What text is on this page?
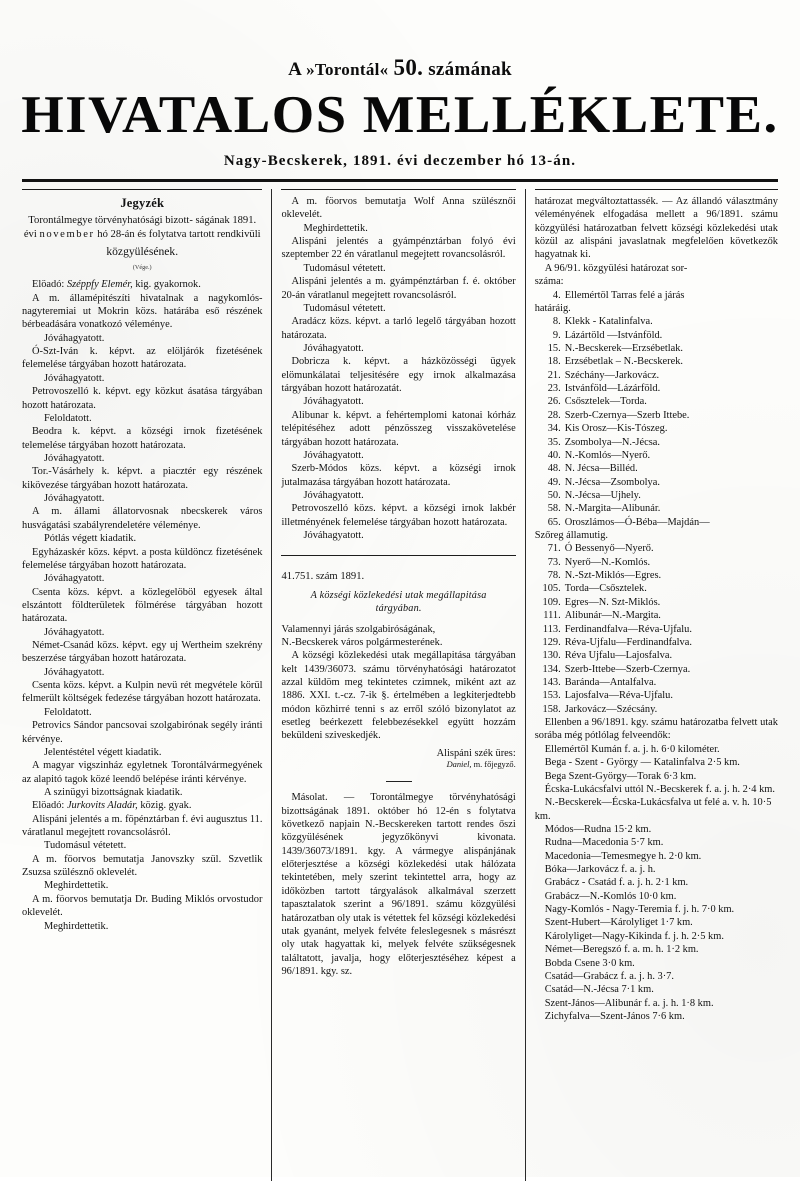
A »Torontál« 50. számának
HIVATALOS MELLÉKLETE.
Nagy-Becskerek, 1891. évi deczember hó 13-án.
Jegyzék
Torontálmegye törvényhatósági bizott- ságának 1891. évi november hó 28-án és folytatva tartott rendkivüli
közgyülésének.
(Vége.)

Elöadó: Széppfy Elemér, kig. gyakornok.

A m. államépitészíti hivatalnak a nagykomlós-nagyteremiai ut Mokrin közs. határába eső részének bérbeadására vonatkozó véleménye.

Jóváhagyatott.

Ó-Szt-Iván k. képvt. az elöljárók fizetésének felemelése tárgyában hozott határozata.

Jóváhagyatott.

Petrovoszelló k. képvt. egy közkut ásatása tárgyában hozott határozata.

Feloldatott.

Beodra k. képvt. a községi irnok fizetésének telemelése tárgyában hozott határozata.

Jóváhagyatott.

Tor.-Vásárhely k. képvt. a piacztér egy részének kikövezése tárgyában hozott határozata.

Jóváhagyatott.

A m. állami állatorvosnak nbecskerek város husvágatási szabályrendeletére véleménye.

Pótlás végett kiadatik.

Egyházaskér közs. képvt. a posta küldöncz fizetésének felemelése tárgyában hozott határozata.

Jóváhagyatott.

Csenta közs. képvt. a közlegelöböl egyesek által elszántott földterületek fölmérése tárgyában hozott határozata.

Jóváhagyatott.

Német-Csanád közs. képvt. egy uj Wertheim szekrény beszerzése tárgyában hozott határozata.

Jóváhagyatott.

Csenta közs. képvt. a Kulpin nevü rét megvétele körül felmerült költségek fedezése tárgyában hozott határozata.

Feloldatott.

Petrovics Sándor pancsovai szolgabirónak segély iránti kérvénye.

Jelentéstétel végett kiadatik.

A magyar vigszinház egyletnek Torontálvármegyének az alapitó tagok közé leendő belépése iránti kérvénye.

A szinügyi bizottságnak kiadatik.

Elöadó: Jurkovits Aladár, közig. gyak.

Alispáni jelentés a m. föpénztárban f. évi augusztus 11. váratlanul megejtett rovancsolásról.

Tudomásul vétetett.

A m. föorvos bemutatja Janovszky szül. Szvetlik Zsuzsa szülésznő oklevelét.

Meghirdettetik.

A m. föorvos bemutatja Dr. Buding Miklós orvostudor oklevelét.

Meghirdettetik.

A m. föorvos bemutatja Wolf Anna szülésznői oklevelét.

Meghirdettetik.

Alispáni jelentés a gyámpénztárban folyó évi szeptember 22 én váratlanul megejtett rovancsolásról.

Tudomásul vétetett.

Alispáni jelentés a m. gyámpénztárban f. é. október 20-án váratlanul megejtett rovancsolásról.

Tudomásul vétetett.

Aradácz közs. képvt. a tarló legelő tárgyában hozott határozata.

Jóváhagyatott.

Dobricza k. képvt. a házközösségi ügyek elömunkálatai teljesitésére egy irnok alkalmazása tárgyában hozott határozatát.

Jóváhagyatott.

Alibunar k. képvt. a fehértemplomi katonai kórház telépitéséhez adott pénzösszeg visszakövetelése tárgyában hozott határozata.

Jóváhagyatott.

Szerb-Módos közs. képvt. a községi irnok jutalmazása tárgyában hozott határozata.

Jóváhagyatott.

Petrovoszelló közs. képvt. a községi irnok lakbér illetményének felemelése tárgyában hozott határozata.

Jóváhagyatott.

41.751. szám 1891.

A községi közlekedési utak megállapitása
tárgyában.

Valamennyi járás szolgabiróságának,

N.-Becskerek város polgármesterének.

A községi közlekedési utak megállapitása tárgyában kelt 1439/36073. számu törvényhatósági határozatot azzal küldöm meg tekintetes czimnek, miként azt az 1886. XXI. t.-cz. 7-ik §. értelmében a legkiterjedtebb módon közhirré tenni s az erről szóló bizonylatot az esetleg beérkezett felebbezésekkel együtt hozzám beküldeni sziveskedjék.

Alispáni szék üres:

Daniel, m. főjegyző.

Másolat. — Torontálmegye törvényhatósági bizottságának 1891. október hó 12-én s folytatva következő napjain N.-Becskereken tartott rendes őszi közgyülésének jegyzőkönyvi kivonata. 1439/36073/1891. kgy. A vármegye alispánjának előterjesztése a községi közlekedési utak hálózata tekintetében, mely szerint tekintettel arra, hogy az időközben tartott tárgyalások alkalmával szerzett tapasztalatok szerint a 96/1891. számu közgyülési határozatban oly utak is vétettek fel községi közlekedési utak gyanánt, melyek felvéte feleslegesnek s másrészt oly utak hagyattak ki, melyek felvéte szükségesnek találtatott, javalja, hogy előterjesztéséhez képest a 96/1891. kgy. sz.

határozat megváltoztattassék. — Az állandó választmány véleményének elfogadása mellett a 96/1891. számu közgyülési határozatban felvett községi közlekedési utak közül az alispáni javaslatnak megfelelően következők hagyatnak ki.

A 96/91. közgyülési határozat sor-

száma:

4. Ellemértöl Tarras felé a járás
határáig.
8. Klekk - Katalinfalva.
9. Lázártöld —Istvánföld.
15. N.-Becskerek—Erzsébetlak.
18. Erzsébetlak – N.-Becskerek.
21. Széchány—Jarkovácz.
23. Istvánföld—Lázárföld.
26. Csősztelek—Torda.
28. Szerb-Czernya—Szerb Ittebe.
34. Kis Orosz—Kis-Tószeg.
35. Zsombolya—N.-Jécsa.
40. N.-Komlós—Nyerő.
48. N. Jécsa—Billéd.
49. N.-Jécsa—Zsombolya.
50. N.-Jécsa—Ujhely.
58. N.-Margita—Alibunár.
65. Oroszlámos—Ó-Béba—Majdán—
Szőreg államutig.
71. Ó Bessenyő—Nyerő.
73. Nyerő—N.-Komlós.
78. N.-Szt-Miklós—Egres.
105. Torda—Csősztelek.
109. Egres—N. Szt-Miklós.
111. Alibunár—N.-Margita.
113. Ferdinandfalva—Réva-Ujfalu.
129. Réva-Ujfalu—Ferdinandfalva.
130. Réva Ujfalu—Lajosfalva.
134. Szerb-Ittebe—Szerb-Czernya.
143. Baránda—Antalfalva.
153. Lajosfalva—Réva-Ujfalu.
158. Jarkovácz—Szécsány.

Ellenben a 96/1891. kgy. számu határozatba felvett utak sorába még pótlólag felveendők:

Ellemértöl Kumán f. a. j. h. 6·0 kilométer.
Bega - Szent - György — Katalinfalva 2·5 km.
Bega Szent-György—Torak 6·3 km.
Écska-Lukácsfalvi uttól N.-Becskerek f. a. j. h. 2·4 km.
N.-Becskerek—Écska-Lukácsfalva ut felé a. v. h. 10·5 km.
Módos—Rudna 15·2 km.
Rudna—Macedonia 5·7 km.
Macedonia—Temesmegye h. 2·0 km.
Bóka—Jarkovácz f. a. j. h.
Grabácz - Csatád f. a. j. h. 2·1 km.
Grabácz—N.-Komlós 10·0 km.
Nagy-Komlós - Nagy-Teremia f. j. h. 7·0 km.
Szent-Hubert—Károlyliget 1·7 km.
Károlyliget—Nagy-Kikinda f. j. h. 2·5 km.
Német—Beregszó f. a. m. h. 1·2 km.
Bobda Csene 3·0 km.
Csatád—Grabácz f. a. j. h. 3·7.
Csatád—N.-Jécsa 7·1 km.
Szent-János—Alibunár f. a. j. h. 1·8 km.
Zichyfalva—Szent-János 7·6 km.
